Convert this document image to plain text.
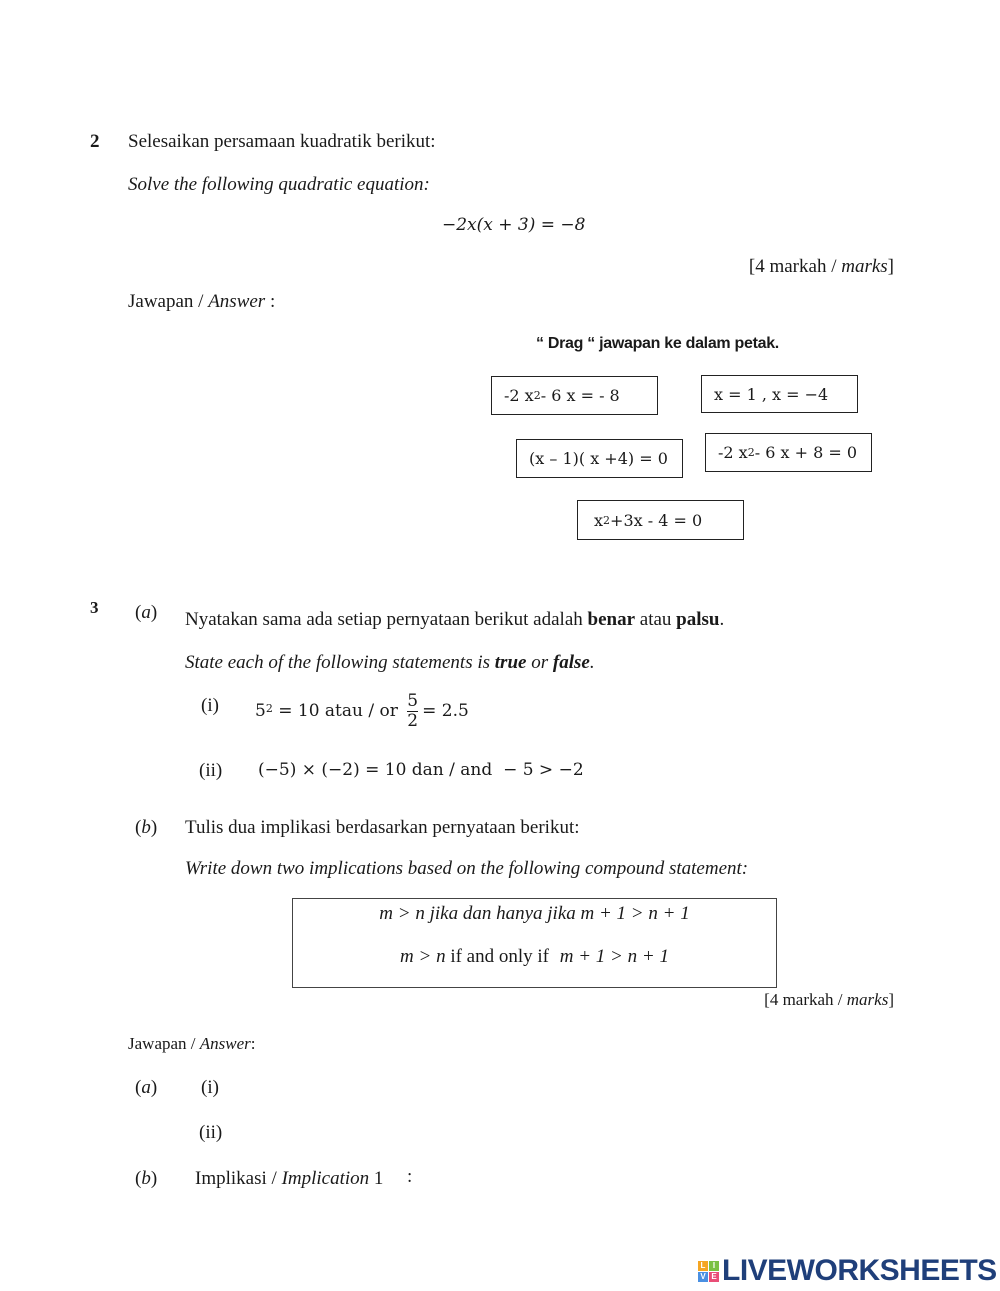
2 Selesaikan persamaan kuadratik berikut:
Solve the following quadratic equation:
−2x(x + 3) = −8
[4 markah / marks]
Jawapan / Answer :
“ Drag “ jawapan ke dalam petak.
-2 x 2 - 6 x = - 8	x = 1 , x = −4
(x – 1)( x +4) = 0	-2 x 2 - 6 x + 8 = 0
x 2 +3x - 4 = 0
3 (a) Nyatakan sama ada setiap pernyataan berikut adalah benar atau palsu.
State each of the following statements is true or false.
(i) 5 2 = 10 atau / or $\frac{5}{2} = 2.5$
(ii) (−5) × (−2) = 10 dan / and  − 5 > −2
(b) Tulis dua implikasi berdasarkan pernyataan berikut:
Write down two implications based on the following compound statement:
m > n jika dan hanya jika m + 1 > n + 1
m > n if and only if m + 1 > n + 1
[4 markah / marks]
Jawapan / Answer:
(a) (i)
(ii)
(b) Implikasi / Implication 1 :
L I
V E LIVEWORKSHEETS
